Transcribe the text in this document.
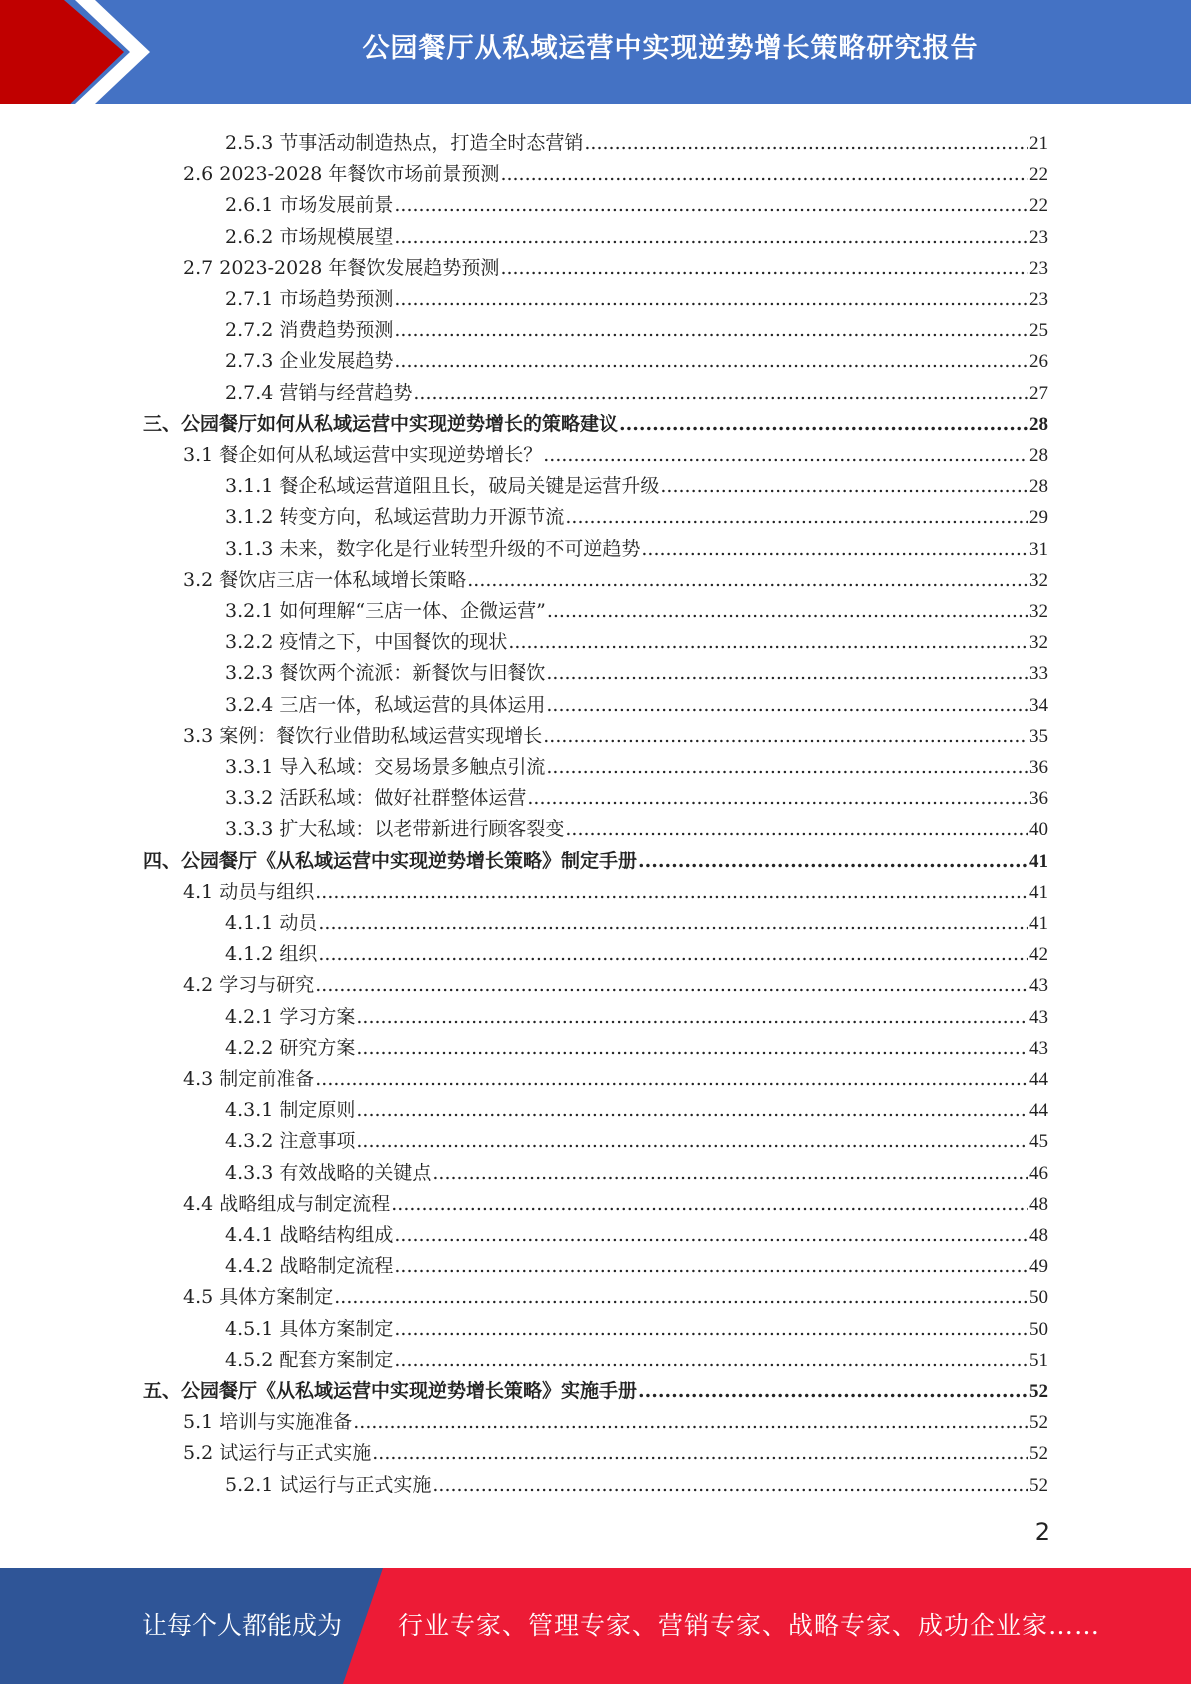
公园餐厅从私域运营中实现逆势增长策略研究报告
2.5.3 节事活动制造热点，打造全时态营销 .....	21
2.6 2023-2028 年餐饮市场前景预测 .....	22
2.6.1 市场发展前景 .....	22
2.6.2 市场规模展望 .....	23
2.7 2023-2028 年餐饮发展趋势预测 .....	23
2.7.1 市场趋势预测 .....	23
2.7.2 消费趋势预测 .....	25
2.7.3 企业发展趋势 .....	26
2.7.4 营销与经营趋势 .....	27
三、公园餐厅如何从私域运营中实现逆势增长的策略建议 .....	28
3.1 餐企如何从私域运营中实现逆势增长？ .....	28
3.1.1 餐企私域运营道阻且长，破局关键是运营升级 .....	28
3.1.2 转变方向，私域运营助力开源节流 .....	29
3.1.3 未来，数字化是行业转型升级的不可逆趋势 .....	31
3.2 餐饮店三店一体私域增长策略 .....	32
3.2.1 如何理解“三店一体、企微运营” .....	32
3.2.2 疫情之下，中国餐饮的现状 .....	32
3.2.3 餐饮两个流派：新餐饮与旧餐饮 .....	33
3.2.4 三店一体，私域运营的具体运用 .....	34
3.3 案例：餐饮行业借助私域运营实现增长 .....	35
3.3.1 导入私域：交易场景多触点引流 .....	36
3.3.2 活跃私域：做好社群整体运营 .....	36
3.3.3 扩大私域：以老带新进行顾客裂变 .....	40
四、公园餐厅《从私域运营中实现逆势增长策略》制定手册 .....	41
4.1 动员与组织 .....	41
4.1.1 动员 .....	41
4.1.2 组织 .....	42
4.2 学习与研究 .....	43
4.2.1 学习方案 .....	43
4.2.2 研究方案 .....	43
4.3 制定前准备 .....	44
4.3.1 制定原则 .....	44
4.3.2 注意事项 .....	45
4.3.3 有效战略的关键点 .....	46
4.4 战略组成与制定流程 .....	48
4.4.1 战略结构组成 .....	48
4.4.2 战略制定流程 .....	49
4.5 具体方案制定 .....	50
4.5.1 具体方案制定 .....	50
4.5.2 配套方案制定 .....	51
五、公园餐厅《从私域运营中实现逆势增长策略》实施手册 .....	52
5.1 培训与实施准备 .....	52
5.2 试运行与正式实施 .....	52
5.2.1 试运行与正式实施 .....	52
2
让每个人都能成为 行业专家、管理专家、营销专家、战略专家、成功企业家……
